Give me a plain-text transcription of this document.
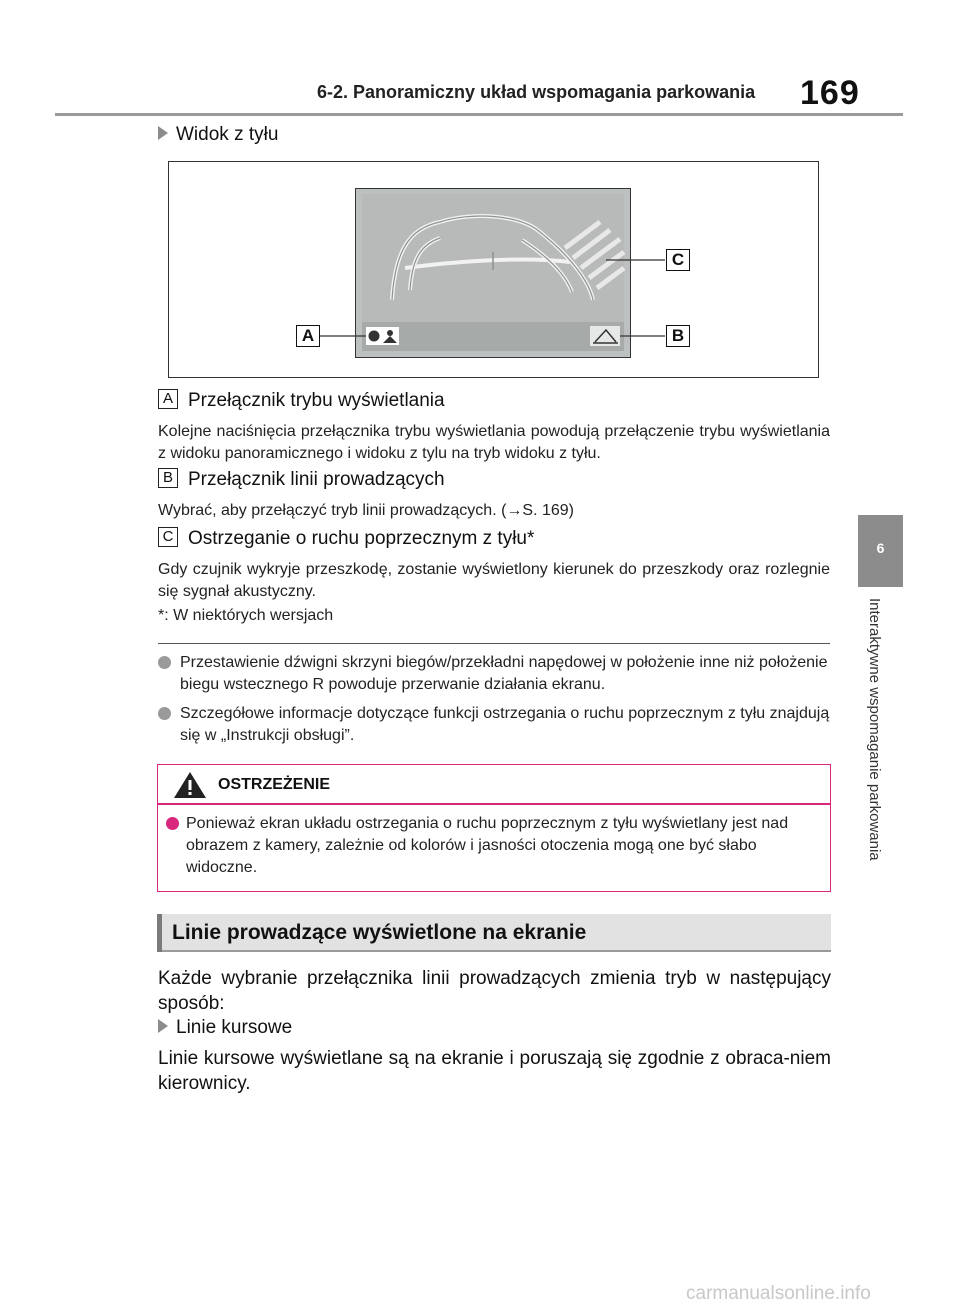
6-2. Panoramiczny układ wspomagania parkowania 169
6
Interaktywne wspomaganie parkowania
Widok z tyłu
C
A	B
A Przełącznik trybu wyświetlania
Kolejne naciśnięcia przełącznika trybu wyświetlania powodują przełączenie trybu wyświetlania z widoku panoramicznego i widoku z tylu na tryb widoku z tyłu.
B Przełącznik linii prowadzących
Wybrać, aby przełączyć tryb linii prowadzących. (→S. 169)
C Ostrzeganie o ruchu poprzecznym z tyłu*
Gdy czujnik wykryje przeszkodę, zostanie wyświetlony kierunek do przeszkody oraz rozlegnie się sygnał akustyczny.
*: W niektórych wersjach
Przestawienie dźwigni skrzyni biegów/przekładni napędowej w położenie inne niż położenie biegu wstecznego R powoduje przerwanie działania ekranu.
Szczegółowe informacje dotyczące funkcji ostrzegania o ruchu poprzecznym z tyłu znajdują się w „Instrukcji obsługi”.
OSTRZEŻENIE
Ponieważ ekran układu ostrzegania o ruchu poprzecznym z tyłu wyświetlany jest nad obrazem z kamery, zależnie od kolorów i jasności otoczenia mogą one być słabo widoczne.
Linie prowadzące wyświetlone na ekranie
Każde wybranie przełącznika linii prowadzących zmienia tryb w następujący sposób:
Linie kursowe
Linie kursowe wyświetlane są na ekranie i poruszają się zgodnie z obraca-niem kierownicy.
carmanualsonline.info
